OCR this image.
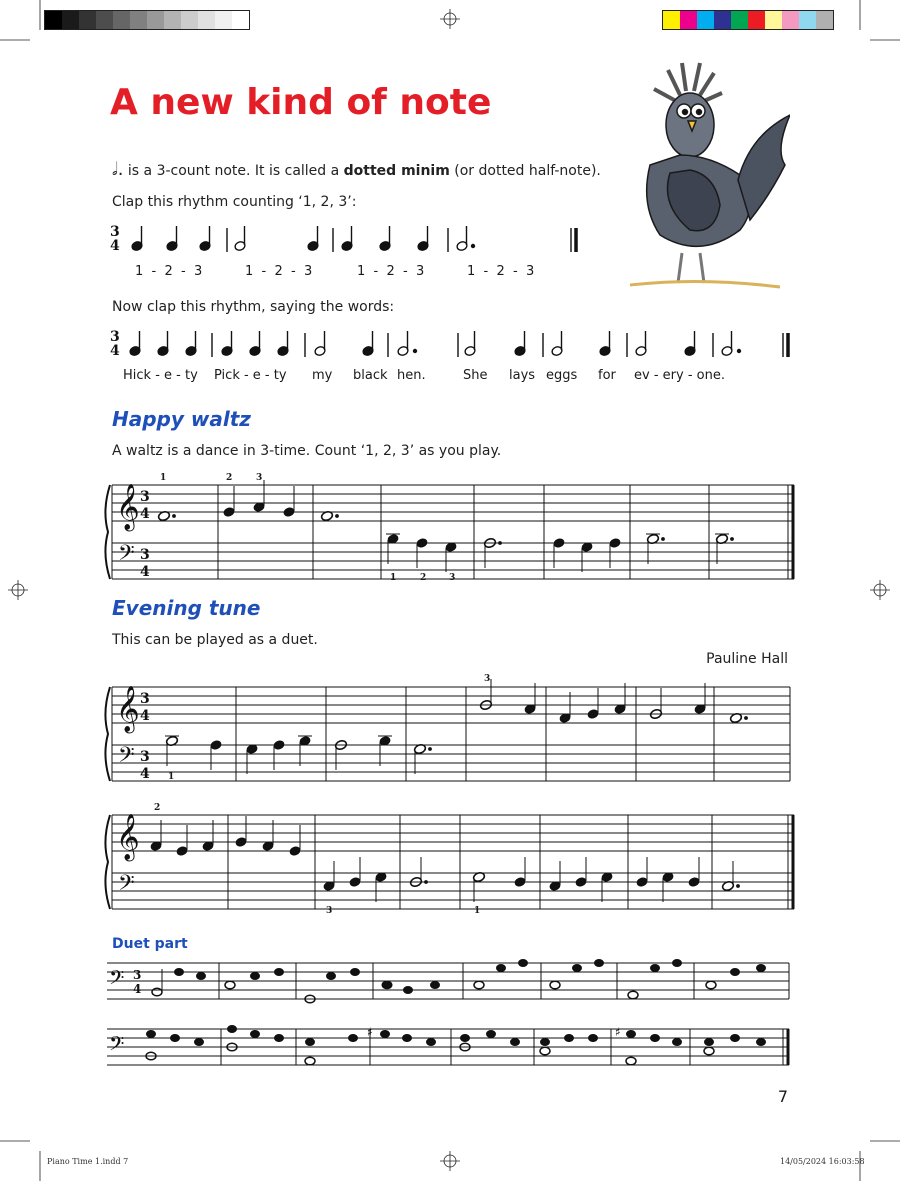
A new kind of note
𝅗𝅥. is a 3-count note. It is called a dotted minim (or dotted half-note).
Clap this rhythm counting ‘1, 2, 3’:
3
4
1  -  2  -  3	1  -  2  -  3	1  -  2  -  3	1  -  2  -  3
Now clap this rhythm, saying the words:
3
4
Hick - e - ty Pick - e - ty my black hen.	She lays eggs for ev - ery - one.
Happy waltz
A waltz is a dance in 3-time. Count ‘1, 2, 3’ as you play.
𝄞
𝄢
3
4
3
4
1	2	3
1	2	3
Evening tune
This can be played as a duet.
Pauline Hall
𝄞
𝄢
3
4
3
4
3
1
𝄞
𝄢
2
3	1
Duet part
𝄢 3
4
𝄢	♯	♯
7
Piano Time 1.indd 7	14/05/2024 16:03:58
